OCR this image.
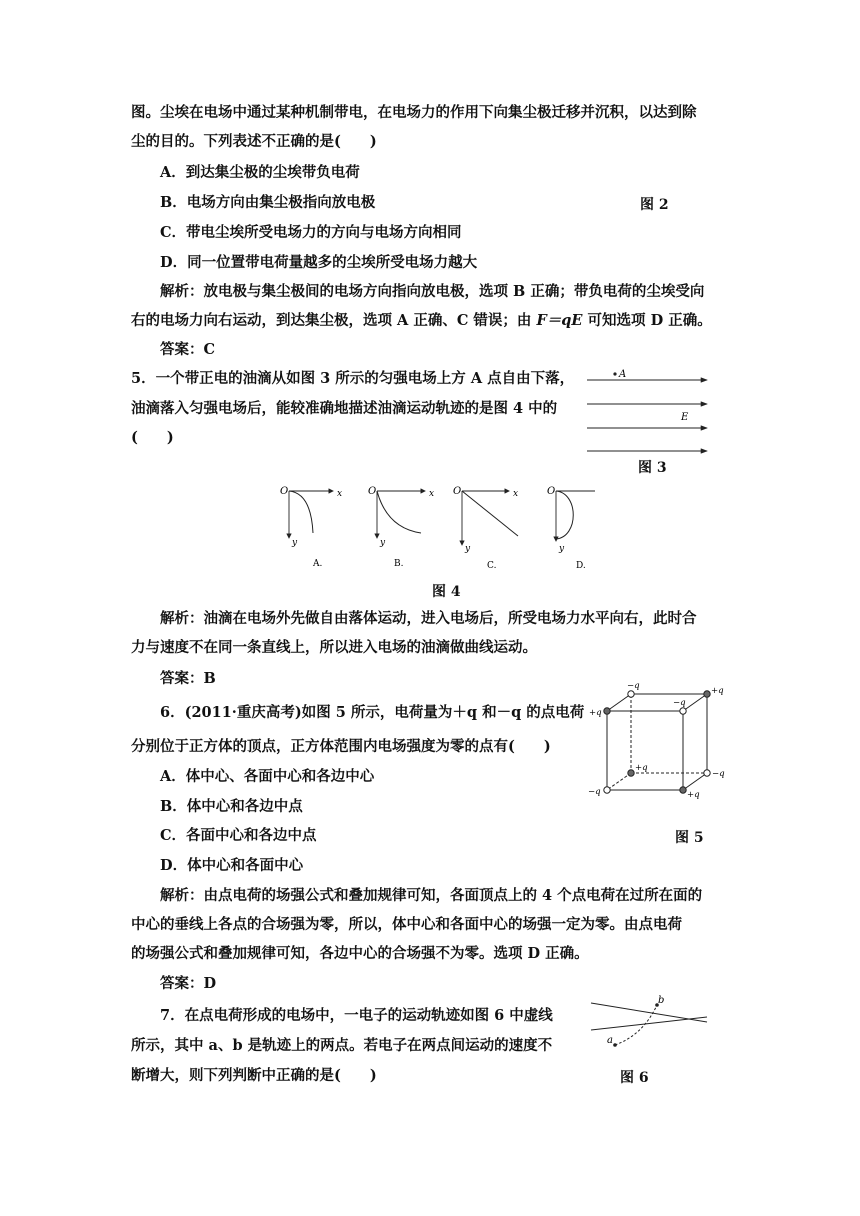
图。尘埃在电场中通过某种机制带电，在电场力的作用下向集尘极迁移并沉积，以达到除
尘的目的。下列表述不正确的是(　　)
A．到达集尘极的尘埃带负电荷
B．电场方向由集尘极指向放电极	图 2
C．带电尘埃所受电场力的方向与电场方向相同
D．同一位置带电荷量越多的尘埃所受电场力越大
解析：放电极与集尘极间的电场方向指向放电极，选项 B 正确；带负电荷的尘埃受向
右的电场力向右运动，到达集尘极，选项 A 正确、C 错误；由 F＝qE 可知选项 D 正确。
答案：C
5．一个带正电的油滴从如图 3 所示的匀强电场上方 A 点自由下落，
油滴落入匀强电场后，能较准确地描述油滴运动轨迹的是图 4 中的
(　　)
A
E
图 3
O	x
y
A.
O	x
y
B.
O	x
y
C.
O
y
D.
图 4
解析：油滴在电场外先做自由落体运动，进入电场后，所受电场力水平向右，此时合
力与速度不在同一条直线上，所以进入电场的油滴做曲线运动。
答案：B
6．(2011·重庆高考)如图 5 所示，电荷量为＋q 和－q 的点电荷
分别位于正方体的顶点，正方体范围内电场强度为零的点有(　　)
A．体中心、各面中心和各边中心
B．体中心和各边中点
C．各面中心和各边中点
D．体中心和各面中心
−q	+q
+q
−q
+q
−q
−q	+q
图 5
解析：由点电荷的场强公式和叠加规律可知，各面顶点上的 4 个点电荷在过所在面的
中心的垂线上各点的合场强为零，所以，体中心和各面中心的场强一定为零。由点电荷
的场强公式和叠加规律可知，各边中心的合场强不为零。选项 D 正确。
答案：D
7．在点电荷形成的电场中，一电子的运动轨迹如图 6 中虚线
所示，其中 a、b 是轨迹上的两点。若电子在两点间运动的速度不
断增大，则下列判断中正确的是(　　)
a
b
图 6
